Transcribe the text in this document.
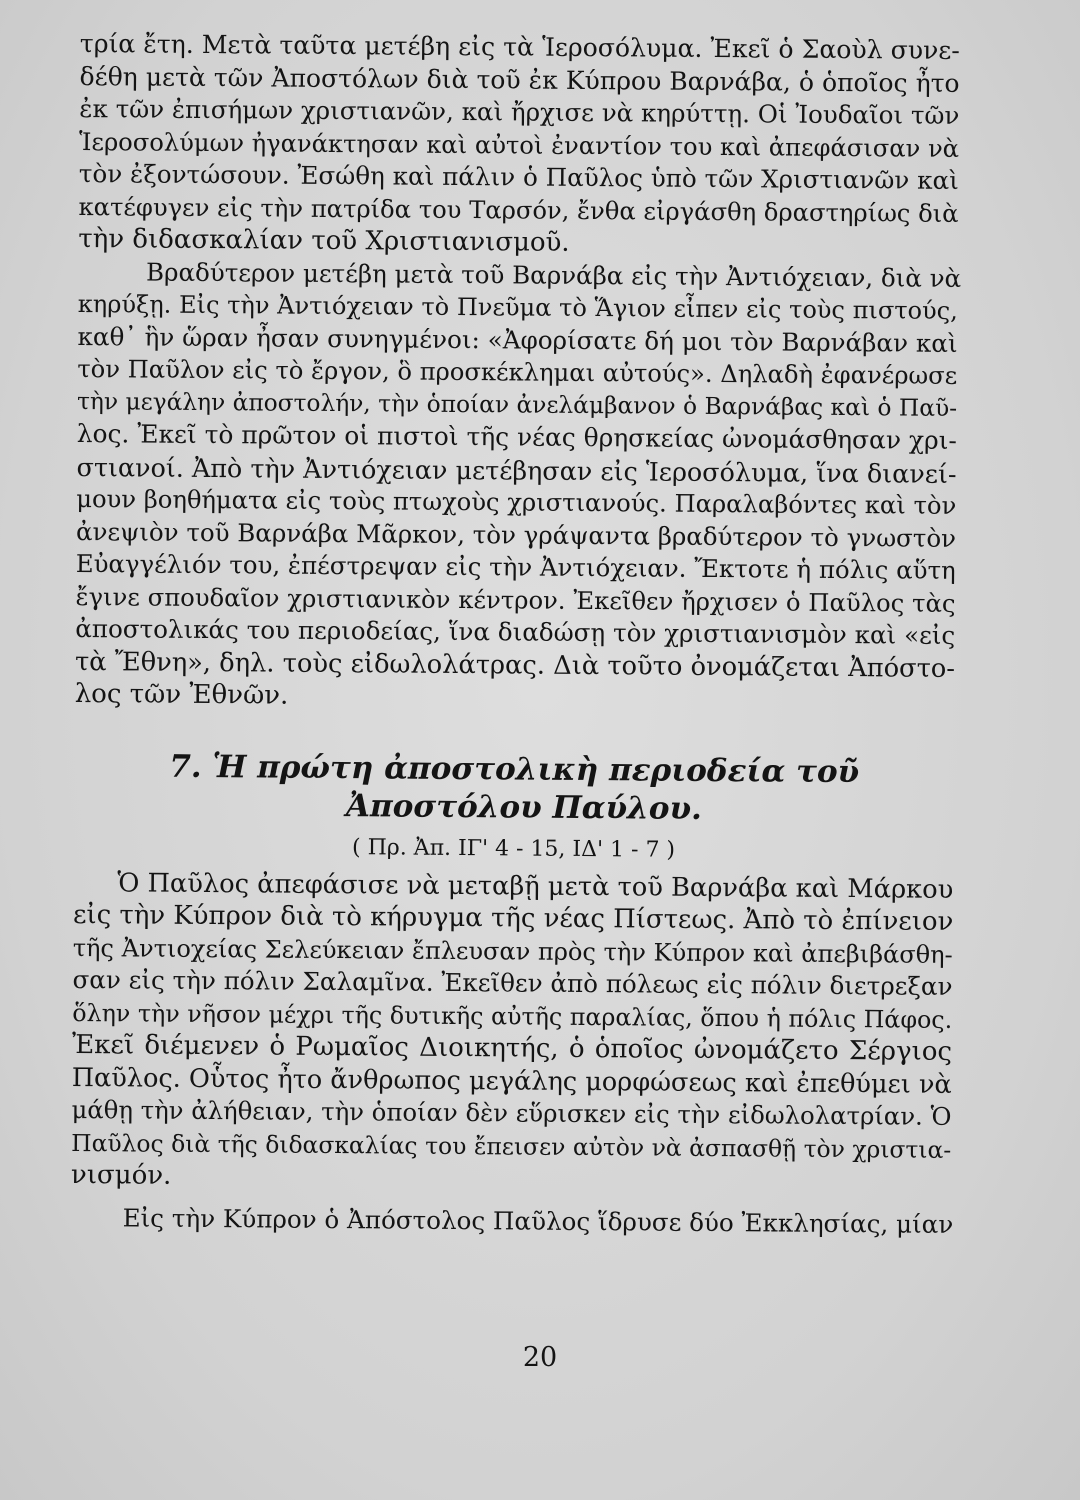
τρία ἔτη. Μετὰ ταῦτα μετέβη εἰς τὰ Ἱεροσόλυμα. Ἐκεῖ ὁ Σαοὺλ συνε-
δέθη μετὰ τῶν Ἀποστόλων διὰ τοῦ ἐκ Κύπρου Βαρνάβα, ὁ ὁποῖος ἦτο
ἐκ τῶν ἐπισήμων χριστιανῶν, καὶ ἤρχισε νὰ κηρύττῃ. Οἱ Ἰουδαῖοι τῶν
Ἱεροσολύμων ἠγανάκτησαν καὶ αὐτοὶ ἐναντίον του καὶ ἀπεφάσισαν νὰ
τὸν ἐξοντώσουν. Ἐσώθη καὶ πάλιν ὁ Παῦλος ὑπὸ τῶν Χριστιανῶν καὶ
κατέφυγεν εἰς τὴν πατρίδα του Ταρσόν, ἔνθα εἰργάσθη δραστηρίως διὰ
τὴν διδασκαλίαν τοῦ Χριστιανισμοῦ.

Βραδύτερον μετέβη μετὰ τοῦ Βαρνάβα εἰς τὴν Ἀντιόχειαν, διὰ νὰ
κηρύξῃ. Εἰς τὴν Ἀντιόχειαν τὸ Πνεῦμα τὸ Ἅγιον εἶπεν εἰς τοὺς πιστούς,
καθ᾽ ἣν ὥραν ἦσαν συνηγμένοι: «Ἀφορίσατε δή μοι τὸν Βαρνάβαν καὶ
τὸν Παῦλον εἰς τὸ ἔργον, ὃ προσκέκλημαι αὐτούς». Δηλαδὴ ἐφανέρωσε
τὴν μεγάλην ἀποστολήν, τὴν ὁποίαν ἀνελάμβανον ὁ Βαρνάβας καὶ ὁ Παῦ-
λος. Ἐκεῖ τὸ πρῶτον οἱ πιστοὶ τῆς νέας θρησκείας ὠνομάσθησαν χρι-
στιανοί. Ἀπὸ τὴν Ἀντιόχειαν μετέβησαν εἰς Ἱεροσόλυμα, ἵνα διανεί-
μουν βοηθήματα εἰς τοὺς πτωχοὺς χριστιανούς. Παραλαβόντες καὶ τὸν
ἀνεψιὸν τοῦ Βαρνάβα Μᾶρκον, τὸν γράψαντα βραδύτερον τὸ γνωστὸν
Εὐαγγέλιόν του, ἐπέστρεψαν εἰς τὴν Ἀντιόχειαν. Ἔκτοτε ἡ πόλις αὕτη
ἔγινε σπουδαῖον χριστιανικὸν κέντρον. Ἐκεῖθεν ἤρχισεν ὁ Παῦλος τὰς
ἀποστολικάς του περιοδείας, ἵνα διαδώσῃ τὸν χριστιανισμὸν καὶ «εἰς
τὰ Ἔθνη», δηλ. τοὺς εἰδωλολάτρας. Διὰ τοῦτο ὀνομάζεται Ἀπόστο-
λος τῶν Ἐθνῶν.

7. Ἡ πρώτη ἀποστολικὴ περιοδεία τοῦ
Ἀποστόλου Παύλου.
( Πρ. Ἀπ. ΙΓ' 4 - 15, ΙΔ' 1 - 7 )

Ὁ Παῦλος ἀπεφάσισε νὰ μεταβῇ μετὰ τοῦ Βαρνάβα καὶ Μάρκου
εἰς τὴν Κύπρον διὰ τὸ κήρυγμα τῆς νέας Πίστεως. Ἀπὸ τὸ ἐπίνειον
τῆς Ἀντιοχείας Σελεύκειαν ἔπλευσαν πρὸς τὴν Κύπρον καὶ ἀπεβιβάσθη-
σαν εἰς τὴν πόλιν Σαλαμῖνα. Ἐκεῖθεν ἀπὸ πόλεως εἰς πόλιν διετρεξαν
ὅλην τὴν νῆσον μέχρι τῆς δυτικῆς αὐτῆς παραλίας, ὅπου ἡ πόλις Πάφος.
Ἐκεῖ διέμενεν ὁ Ρωμαῖος Διοικητής, ὁ ὁποῖος ὠνομάζετο Σέργιος
Παῦλος. Οὗτος ἦτο ἄνθρωπος μεγάλης μορφώσεως καὶ ἐπεθύμει νὰ
μάθῃ τὴν ἀλήθειαν, τὴν ὁποίαν δὲν εὕρισκεν εἰς τὴν εἰδωλολατρίαν. Ὁ
Παῦλος διὰ τῆς διδασκαλίας του ἔπεισεν αὐτὸν νὰ ἀσπασθῇ τὸν χριστια-
νισμόν.

Εἰς τὴν Κύπρον ὁ Ἀπόστολος Παῦλος ἵδρυσε δύο Ἐκκλησίας, μίαν

20
